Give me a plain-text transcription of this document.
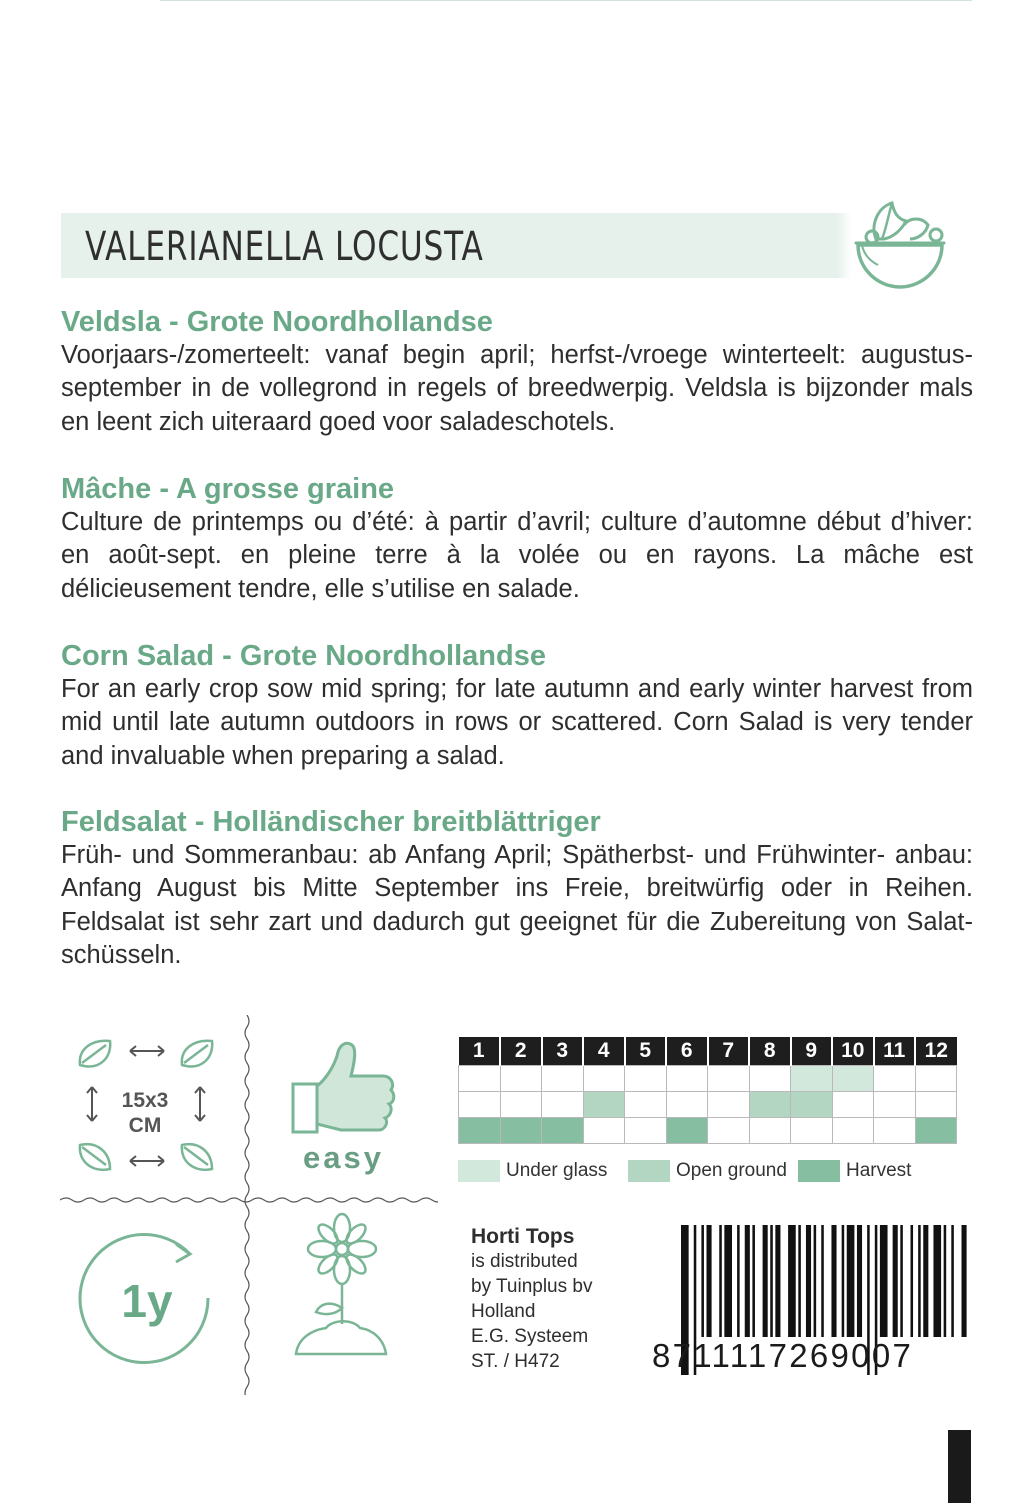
VALERIANELLA LOCUSTA
Veldsla - Grote Noordhollandse

Voorjaars-/zomerteelt: vanaf begin april; herfst-/vroege winterteelt: augustus-september in de vollegrond in regels of breedwerpig. Veldsla is bijzonder mals en leent zich uiteraard goed voor saladeschotels.

Mâche - A grosse graine

Culture de printemps ou d’été: à partir d’avril; culture d’automne début d’hiver: en août-sept. en pleine terre à la volée ou en rayons. La mâche est délicieusement tendre, elle s’utilise en salade.

Corn Salad - Grote Noordhollandse

For an early crop sow mid spring; for late autumn and early winter harvest from mid until late autumn outdoors in rows or scattered. Corn Salad is very tender and invaluable when preparing a salad.

Feldsalat - Holländischer breitblättriger

Früh- und Sommeranbau: ab Anfang April; Spätherbst- und Frühwinter- anbau: Anfang August bis Mitte September ins Freie, breitwürfig oder in Reihen. Feldsalat ist sehr zart und dadurch gut geeignet für die Zubereitung von Salat-schüsseln.

15x3
CM
easy
1y
1	2	3	4	5	6	7	8	9	10	11	12

Under glass	Open ground	Harvest
Horti Tops
is distributed
by Tuinplus bv
Holland
E.G. Systeem
ST. / H472	8711117269007
